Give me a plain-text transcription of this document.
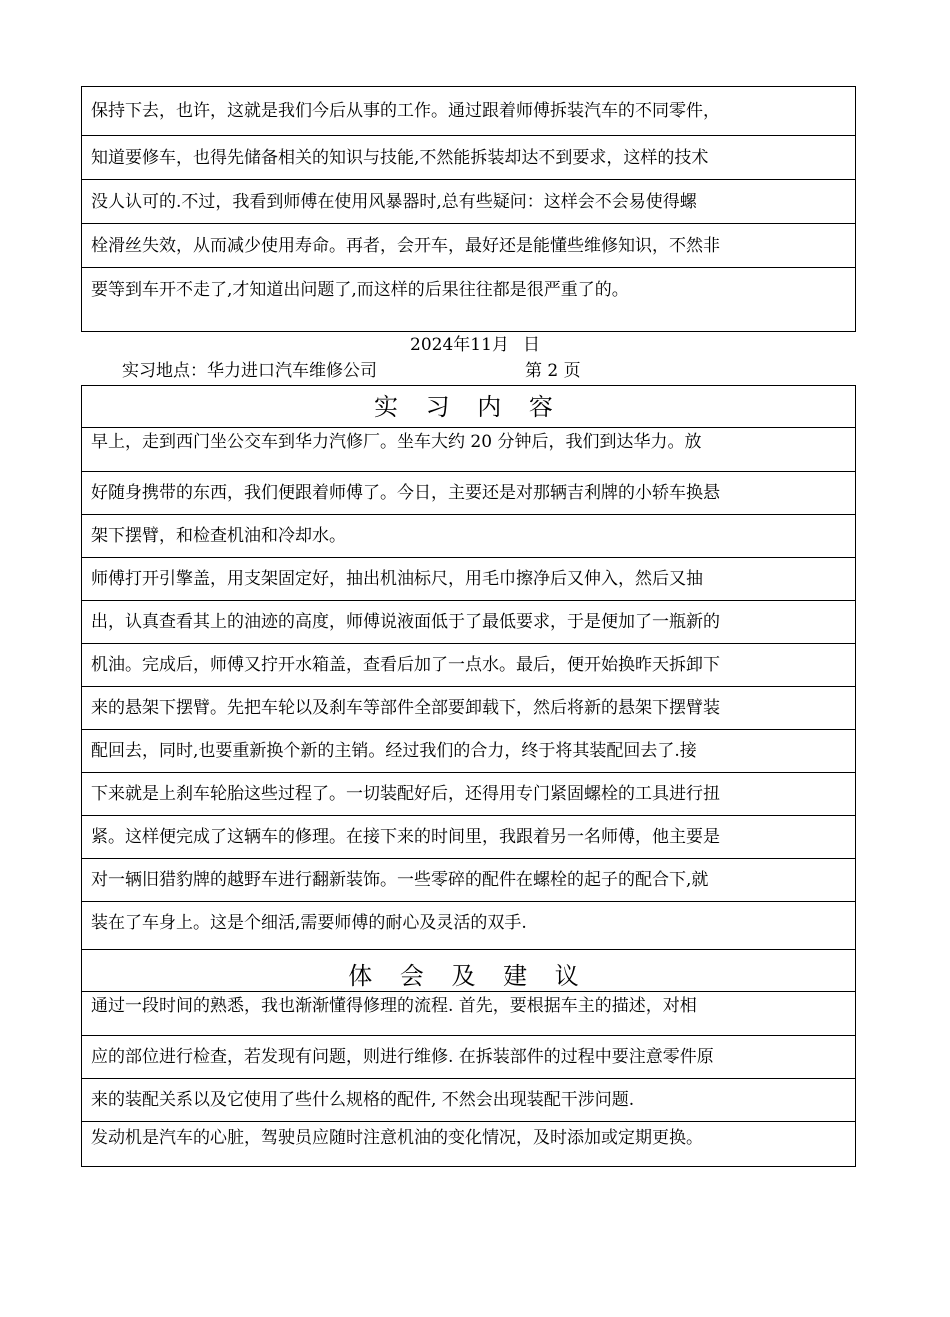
保持下去，也许，这就是我们今后从事的工作。通过跟着师傅拆装汽车的不同零件，
知道要修车，也得先储备相关的知识与技能,不然能拆装却达不到要求，这样的技术
没人认可的.不过，我看到师傅在使用风暴器时,总有些疑问：这样会不会易使得螺
栓滑丝失效，从而减少使用寿命。再者，会开车，最好还是能懂些维修知识，不然非
要等到车开不走了,才知道出问题了,而这样的后果往往都是很严重了的。
2024年11月 日
实习地点：华力进口汽车维修公司	第 2 页
实 习 内 容
早上，走到西门坐公交车到华力汽修厂。坐车大约 20 分钟后，我们到达华力。放
好随身携带的东西，我们便跟着师傅了。今日，主要还是对那辆吉利牌的小轿车换悬
架下摆臂，和检查机油和冷却水。
师傅打开引擎盖，用支架固定好，抽出机油标尺，用毛巾擦净后又伸入，然后又抽
出，认真查看其上的油迹的高度，师傅说液面低于了最低要求，于是便加了一瓶新的
机油。完成后，师傅又拧开水箱盖，查看后加了一点水。最后，便开始换昨天拆卸下
来的悬架下摆臂。先把车轮以及刹车等部件全部要卸载下，然后将新的悬架下摆臂装
配回去，同时,也要重新换个新的主销。经过我们的合力，终于将其装配回去了.接
下来就是上刹车轮胎这些过程了。一切装配好后，还得用专门紧固螺栓的工具进行扭
紧。这样便完成了这辆车的修理。在接下来的时间里，我跟着另一名师傅，他主要是
对一辆旧猎豹牌的越野车进行翻新装饰。一些零碎的配件在螺栓的起子的配合下,就
装在了车身上。这是个细活,需要师傅的耐心及灵活的双手.
体 会 及 建 议
通过一段时间的熟悉，我也渐渐懂得修理的流程. 首先，要根据车主的描述，对相
应的部位进行检查，若发现有问题，则进行维修. 在拆装部件的过程中要注意零件原
来的装配关系以及它使用了些什么规格的配件, 不然会出现装配干涉问题.
发动机是汽车的心脏，驾驶员应随时注意机油的变化情况，及时添加或定期更换。
